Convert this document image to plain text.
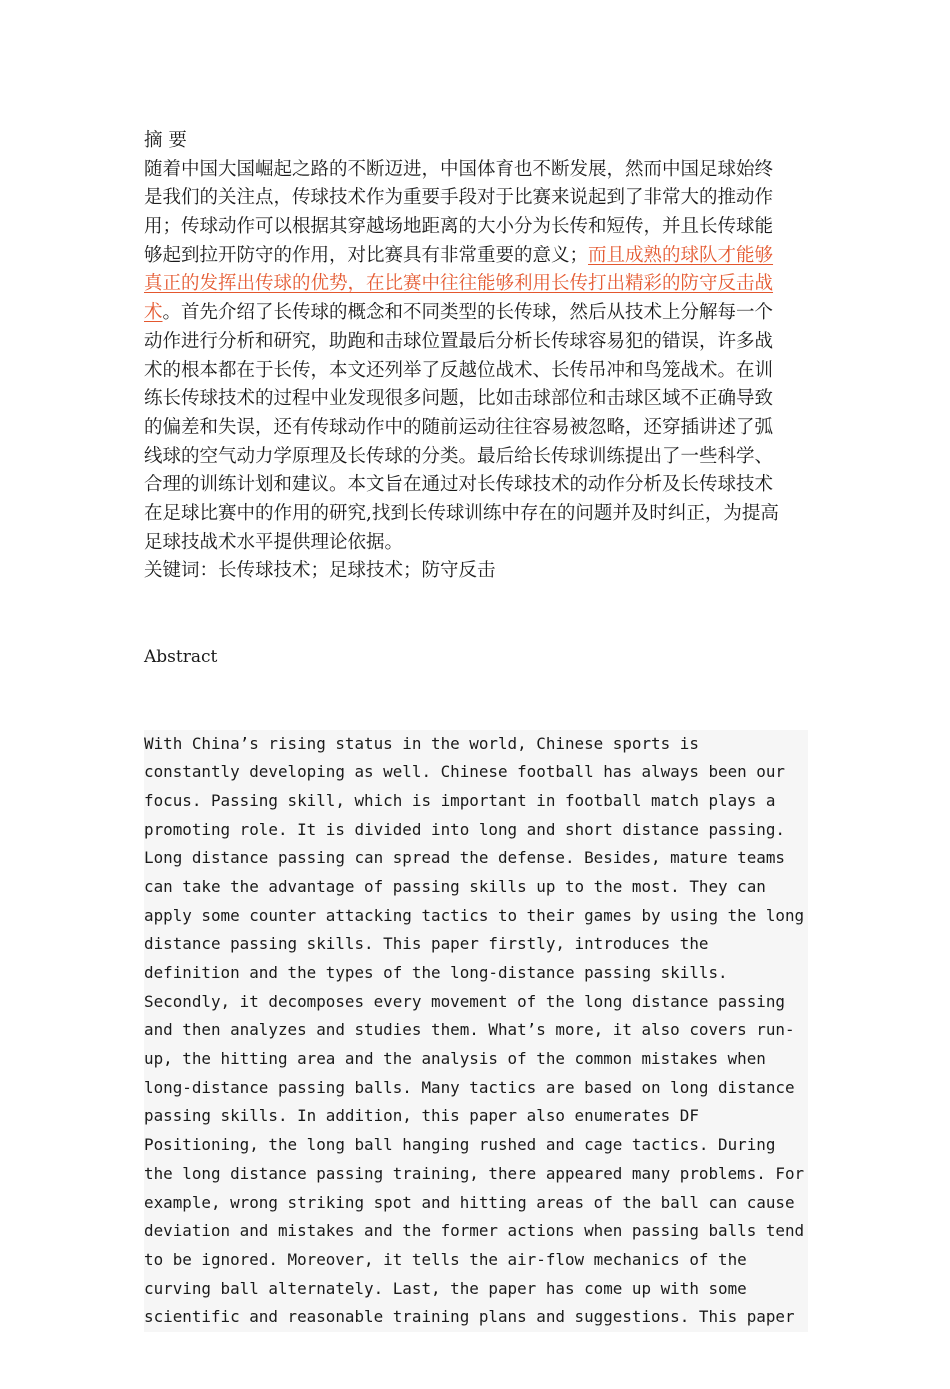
摘 要
随着中国大国崛起之路的不断迈进，中国体育也不断发展，然而中国足球始终
是我们的关注点，传球技术作为重要手段对于比赛来说起到了非常大的推动作
用；传球动作可以根据其穿越场地距离的大小分为长传和短传，并且长传球能
够起到拉开防守的作用，对比赛具有非常重要的意义；而且成熟的球队才能够
真正的发挥出传球的优势，在比赛中往往能够利用长传打出精彩的防守反击战
术。首先介绍了长传球的概念和不同类型的长传球，然后从技术上分解每一个
动作进行分析和研究，助跑和击球位置最后分析长传球容易犯的错误，许多战
术的根本都在于长传，本文还列举了反越位战术、长传吊冲和鸟笼战术。在训
练长传球技术的过程中业发现很多问题，比如击球部位和击球区域不正确导致
的偏差和失误，还有传球动作中的随前运动往往容易被忽略，还穿插讲述了弧
线球的空气动力学原理及长传球的分类。最后给长传球训练提出了一些科学、
合理的训练计划和建议。本文旨在通过对长传球技术的动作分析及长传球技术
在足球比赛中的作用的研究,找到长传球训练中存在的问题并及时纠正，为提高
足球技战术水平提供理论依据。
关键词：长传球技术；足球技术；防守反击

Abstract

With China’s rising status in the world, Chinese sports is
constantly developing as well. Chinese football has always been our
focus. Passing skill, which is important in football match plays a
promoting role. It is divided into long and short distance passing.
Long distance passing can spread the defense. Besides, mature teams
can take the advantage of passing skills up to the most. They can
apply some counter attacking tactics to their games by using the long
distance passing skills. This paper firstly, introduces the
definition and the types of the long-distance passing skills.
Secondly, it decomposes every movement of the long distance passing
and then analyzes and studies them. What’s more, it also covers run-
up, the hitting area and the analysis of the common mistakes when
long-distance passing balls. Many tactics are based on long distance
passing skills. In addition, this paper also enumerates DF
Positioning, the long ball hanging rushed and cage tactics. During
the long distance passing training, there appeared many problems. For
example, wrong striking spot and hitting areas of the ball can cause
deviation and mistakes and the former actions when passing balls tend
to be ignored. Moreover, it tells the air-flow mechanics of the
curving ball alternately. Last, the paper has come up with some
scientific and reasonable training plans and suggestions. This paper
